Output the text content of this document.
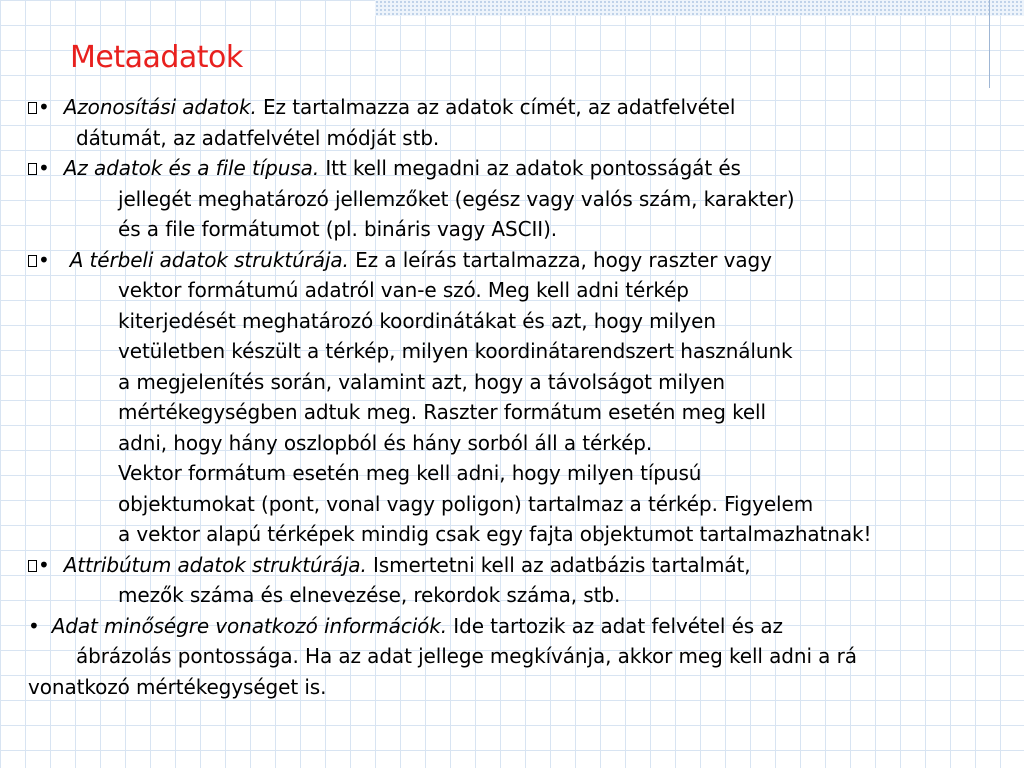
Metaadatok
• Azonosítási adatok. Ez tartalmazza az adatok címét, az adatfelvétel
dátumát, az adatfelvétel módját stb.
• Az adatok és a file típusa. Itt kell megadni az adatok pontosságát és
jellegét meghatározó jellemzőket (egész vagy valós szám, karakter)
és a file formátumot (pl. bináris vagy ASCII).
• A térbeli adatok struktúrája. Ez a leírás tartalmazza, hogy raszter vagy
vektor formátumú adatról van-e szó. Meg kell adni térkép
kiterjedését meghatározó koordinátákat és azt, hogy milyen
vetületben készült a térkép, milyen koordinátarendszert használunk
a megjelenítés során, valamint azt, hogy a távolságot milyen
mértékegységben adtuk meg. Raszter formátum esetén meg kell
adni, hogy hány oszlopból és hány sorból áll a térkép.
Vektor formátum esetén meg kell adni, hogy milyen típusú
objektumokat (pont, vonal vagy poligon) tartalmaz a térkép. Figyelem
a vektor alapú térképek mindig csak egy fajta objektumot tartalmazhatnak!
• Attribútum adatok struktúrája. Ismertetni kell az adatbázis tartalmát,
mezők száma és elnevezése, rekordok száma, stb.
• Adat minőségre vonatkozó információk. Ide tartozik az adat felvétel és az
ábrázolás pontossága. Ha az adat jellege megkívánja, akkor meg kell adni a rá
vonatkozó mértékegységet is.
